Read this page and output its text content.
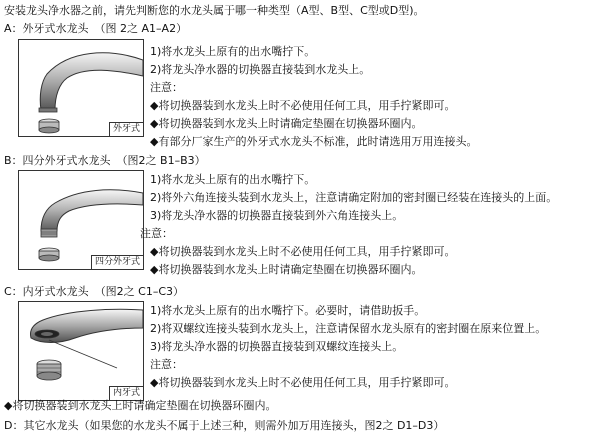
安装龙头净水器之前，请先判断您的水龙头属于哪一种类型（A型、B型、C型或D型)。
A：外牙式水龙头 （图 2之 A1–A2）
外牙式
1)将水龙头上原有的出水嘴拧下。
2)将龙头净水器的切换器直接装到水龙头上。
注意：
◆将切换器装到水龙头上时不必使用任何工具，用手拧紧即可。
◆将切换器装到水龙头上时请确定垫圈在切换器环圈内。
◆有部分厂家生产的外牙式水龙头不标准，此时请选用万用连接头。
B：四分外牙式水龙头 （图2之 B1–B3）
四分外牙式
1)将水龙头上原有的出水嘴拧下。
2)将外六角连接头装到水龙头上，注意请确定附加的密封圈已经装在连接头的上面。
3)将龙头净水器的切换器直接装到外六角连接头上。
注意：
◆将切换器装到水龙头上时不必使用任何工具，用手拧紧即可。
◆将切换器装到水龙头上时请确定垫圈在切换器环圈内。
C：内牙式水龙头 （图2之 C1–C3）
内牙式
1)将水龙头上原有的出水嘴拧下。必要时，请借助扳手。
2)将双螺纹连接头装到水龙头上，注意请保留水龙头原有的密封圈在原来位置上。
3)将龙头净水器的切换器直接装到双螺纹连接头上。
注意：
◆将切换器装到水龙头上时不必使用任何工具，用手拧紧即可。
◆将切换器装到水龙头上时请确定垫圈在切换器环圈内。
D：其它水龙头（如果您的水龙头不属于上述三种，则需外加万用连接头，图2之 D1–D3）
